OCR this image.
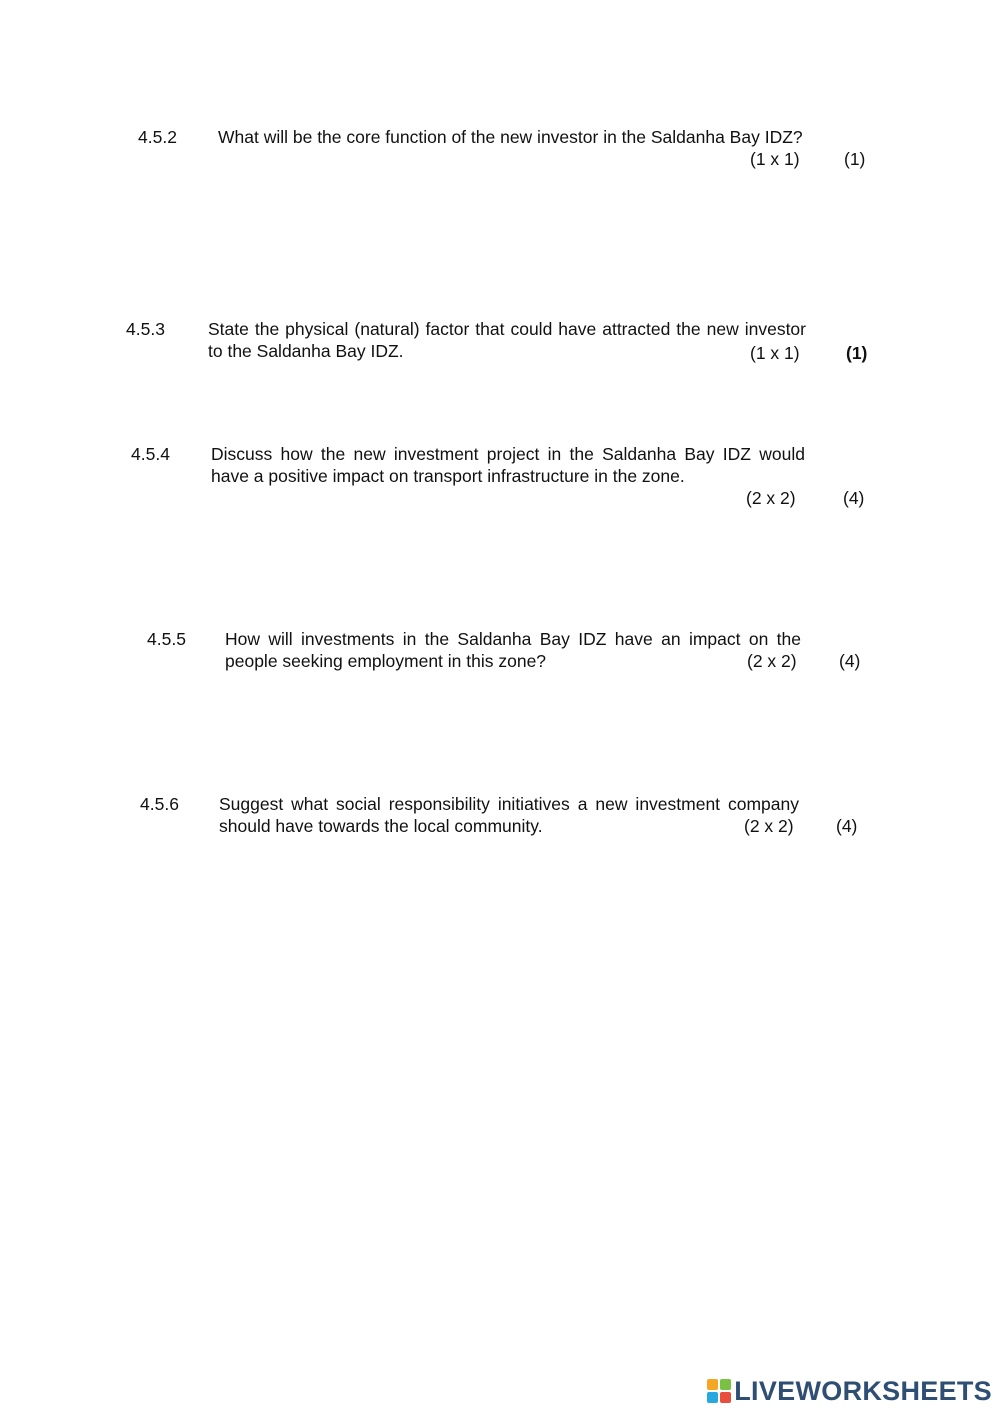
4.5.2 What will be the core function of the new investor in the Saldanha Bay IDZ?
(1 x 1)	(1)
4.5.3 State the physical (natural) factor that could have attracted the new investor to the Saldanha Bay IDZ.	(1 x 1)	(1)
4.5.4 Discuss how the new investment project in the Saldanha Bay IDZ would have a positive impact on transport infrastructure in the zone.
(2 x 2)	(4)
4.5.5 How will investments in the Saldanha Bay IDZ have an impact on the people seeking employment in this zone?	(2 x 2) (4)
4.5.6 Suggest what social responsibility initiatives a new investment company should have towards the local community.	(2 x 2) (4)
LIVEWORKSHEETS
